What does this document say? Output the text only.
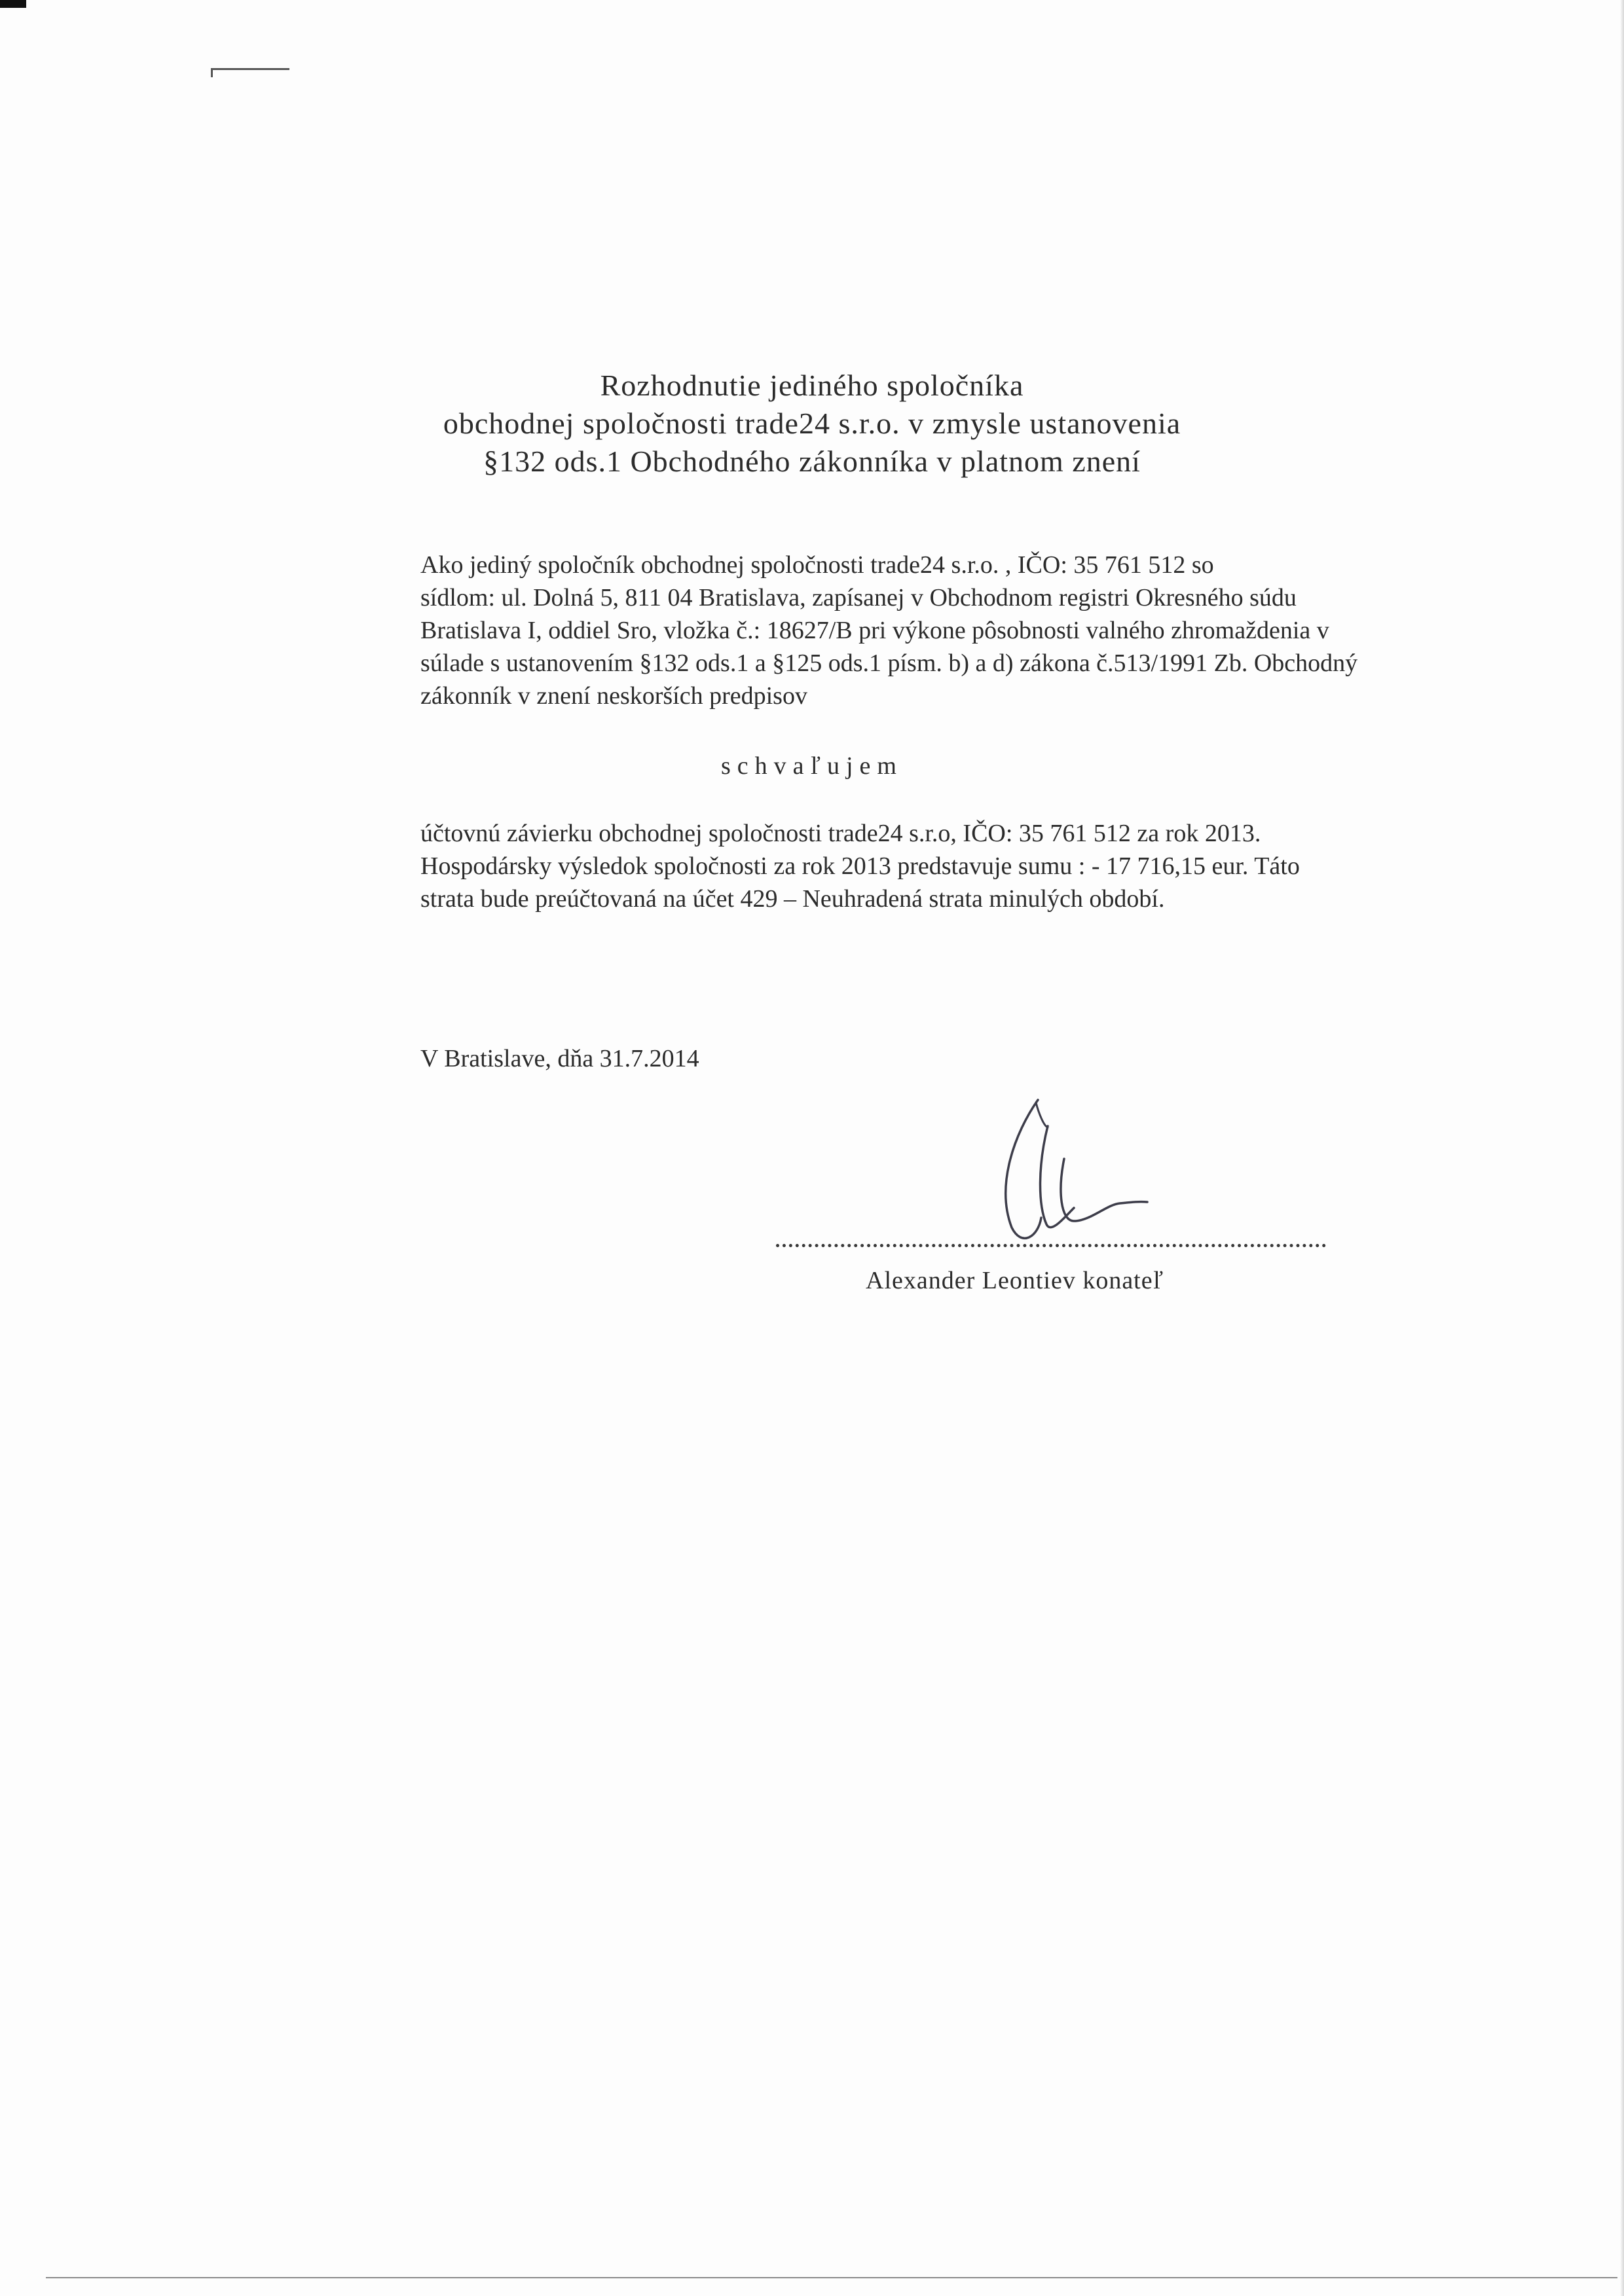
Rozhodnutie jediného spoločníka
obchodnej spoločnosti trade24 s.r.o. v zmysle ustanovenia
§132 ods.1 Obchodného zákonníka v platnom znení
Ako jediný spoločník obchodnej spoločnosti trade24 s.r.o. , IČO: 35 761 512 so
sídlom: ul. Dolná 5, 811 04 Bratislava, zapísanej v Obchodnom registri Okresného súdu
Bratislava I, oddiel Sro, vložka č.: 18627/B pri výkone pôsobnosti valného zhromaždenia v
súlade s ustanovením §132 ods.1 a §125 ods.1 písm. b) a d) zákona č.513/1991 Zb. Obchodný
zákonník v znení neskorších predpisov
schvaľujem
účtovnú závierku obchodnej spoločnosti trade24 s.r.o, IČO: 35 761 512 za rok 2013.
Hospodársky výsledok spoločnosti za rok 2013 predstavuje sumu : - 17 716,15 eur. Táto
strata bude preúčtovaná na účet 429 – Neuhradená strata minulých období.
V Bratislave, dňa 31.7.2014
Alexander Leontiev konateľ
